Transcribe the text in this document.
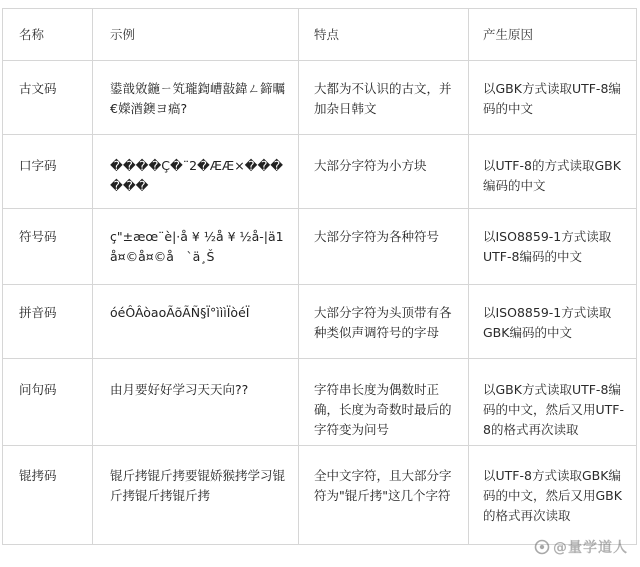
名称	示例	特点	产生原因
古文码	鍙戠敓鍦ㄧ笂瓏鍧嶆敼鍏ㄥ鍗曞€嬫湭鐭ヨ瘑?	大都为不认识的古文，并加杂日韩文	以GBK方式读取UTF-8编码的中文
口字码	����Ç�¨2�ÆÆ×������	大部分字符为小方块	以UTF-8的方式读取GBK编码的中文
符号码	ç"±æœ¨è|·å ¥ ½å ¥ ½å-|ä1 å¤©å¤©å　`ä¸Š	大部分字符为各种符号	以ISO8859-1方式读取UTF-8编码的中文
拼音码	óéÔÂòaoÃõÃÑ§Ï°ìììÏòéÏ	大部分字符为头顶带有各种类似声调符号的字母	以ISO8859-1方式读取GBK编码的中文
问句码	由月要好好学习天天向??	字符串长度为偶数时正确，长度为奇数时最后的字符变为问号	以GBK方式读取UTF-8编码的中文，然后又用UTF-8的格式再次读取
锟拷码	锟斤拷锟斤拷要锟娇猴拷学习锟斤拷锟斤拷锟斤拷	全中文字符，且大部分字符为"锟斤拷"这几个字符	以UTF-8方式读取GBK编码的中文，然后又用GBK的格式再次读取
@量学道人
